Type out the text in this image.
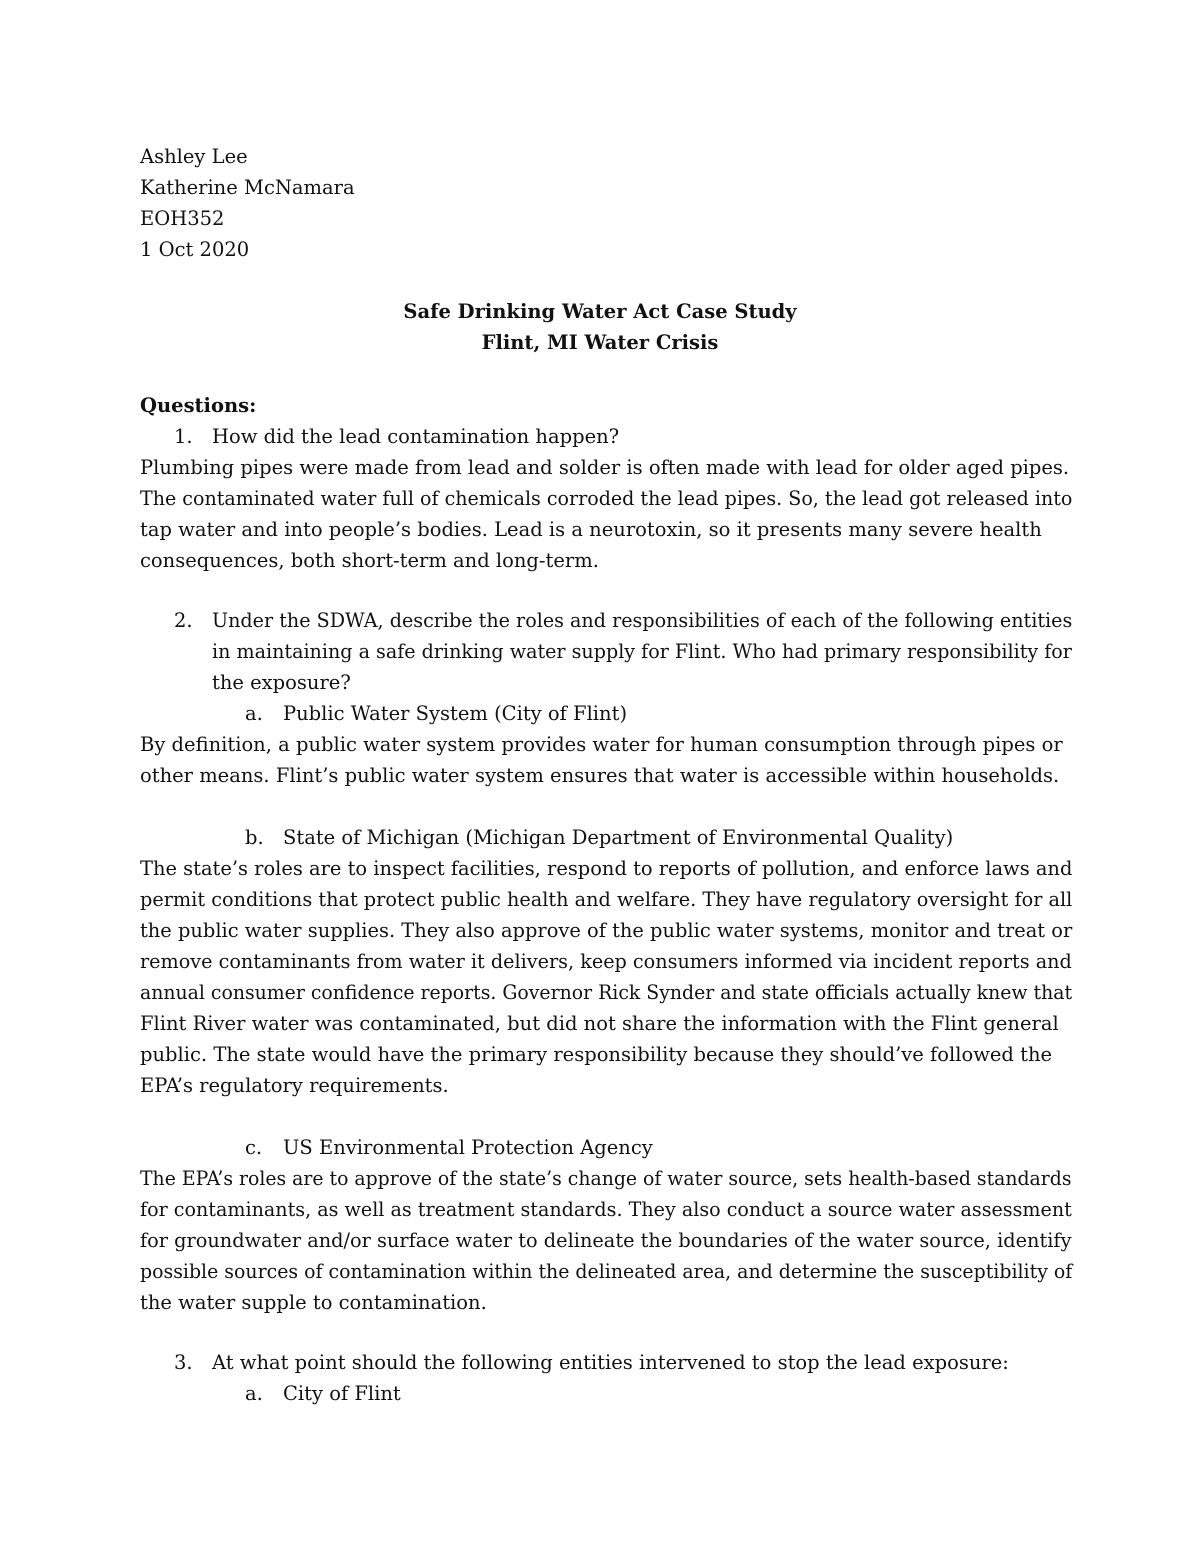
Ashley Lee
Katherine McNamara
EOH352
1 Oct 2020
Safe Drinking Water Act Case Study
Flint, MI Water Crisis
Questions:
1. How did the lead contamination happen?
Plumbing pipes were made from lead and solder is often made with lead for older aged pipes.
The contaminated water full of chemicals corroded the lead pipes. So, the lead got released into
tap water and into people’s bodies. Lead is a neurotoxin, so it presents many severe health
consequences, both short-term and long-term.
2. Under the SDWA, describe the roles and responsibilities of each of the following entities
in maintaining a safe drinking water supply for Flint. Who had primary responsibility for
the exposure?
a. Public Water System (City of Flint)
By definition, a public water system provides water for human consumption through pipes or
other means. Flint’s public water system ensures that water is accessible within households.
b. State of Michigan (Michigan Department of Environmental Quality)
The state’s roles are to inspect facilities, respond to reports of pollution, and enforce laws and
permit conditions that protect public health and welfare. They have regulatory oversight for all
the public water supplies. They also approve of the public water systems, monitor and treat or
remove contaminants from water it delivers, keep consumers informed via incident reports and
annual consumer confidence reports. Governor Rick Synder and state officials actually knew that
Flint River water was contaminated, but did not share the information with the Flint general
public. The state would have the primary responsibility because they should’ve followed the
EPA’s regulatory requirements.
c. US Environmental Protection Agency
The EPA’s roles are to approve of the state’s change of water source, sets health-based standards
for contaminants, as well as treatment standards. They also conduct a source water assessment
for groundwater and/or surface water to delineate the boundaries of the water source, identify
possible sources of contamination within the delineated area, and determine the susceptibility of
the water supple to contamination.
3. At what point should the following entities intervened to stop the lead exposure:
a. City of Flint
